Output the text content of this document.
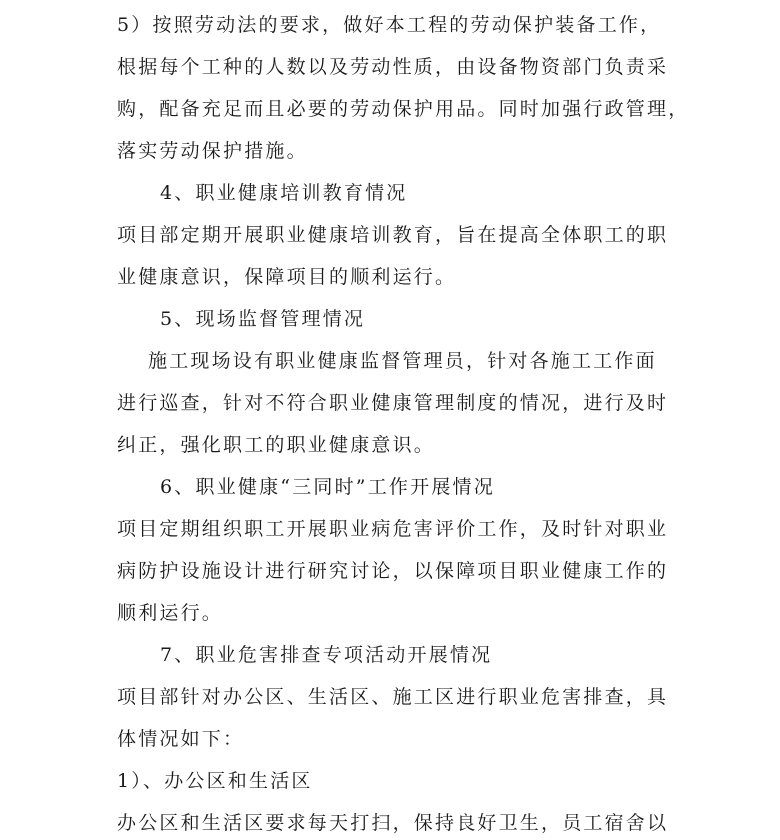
5）按照劳动法的要求，做好本工程的劳动保护装备工作，
根据每个工种的人数以及劳动性质，由设备物资部门负责采
购，配备充足而且必要的劳动保护用品。同时加强行政管理，
落实劳动保护措施。
4、职业健康培训教育情况
项目部定期开展职业健康培训教育，旨在提高全体职工的职
业健康意识，保障项目的顺利运行。
5、现场监督管理情况
施工现场设有职业健康监督管理员，针对各施工工作面
进行巡查，针对不符合职业健康管理制度的情况，进行及时
纠正，强化职工的职业健康意识。
6、职业健康“三同时”工作开展情况
项目定期组织职工开展职业病危害评价工作，及时针对职业
病防护设施设计进行研究讨论，以保障项目职业健康工作的
顺利运行。
7、职业危害排查专项活动开展情况
项目部针对办公区、生活区、施工区进行职业危害排查，具
体情况如下：
1）、办公区和生活区
办公区和生活区要求每天打扫，保持良好卫生，员工宿舍以
